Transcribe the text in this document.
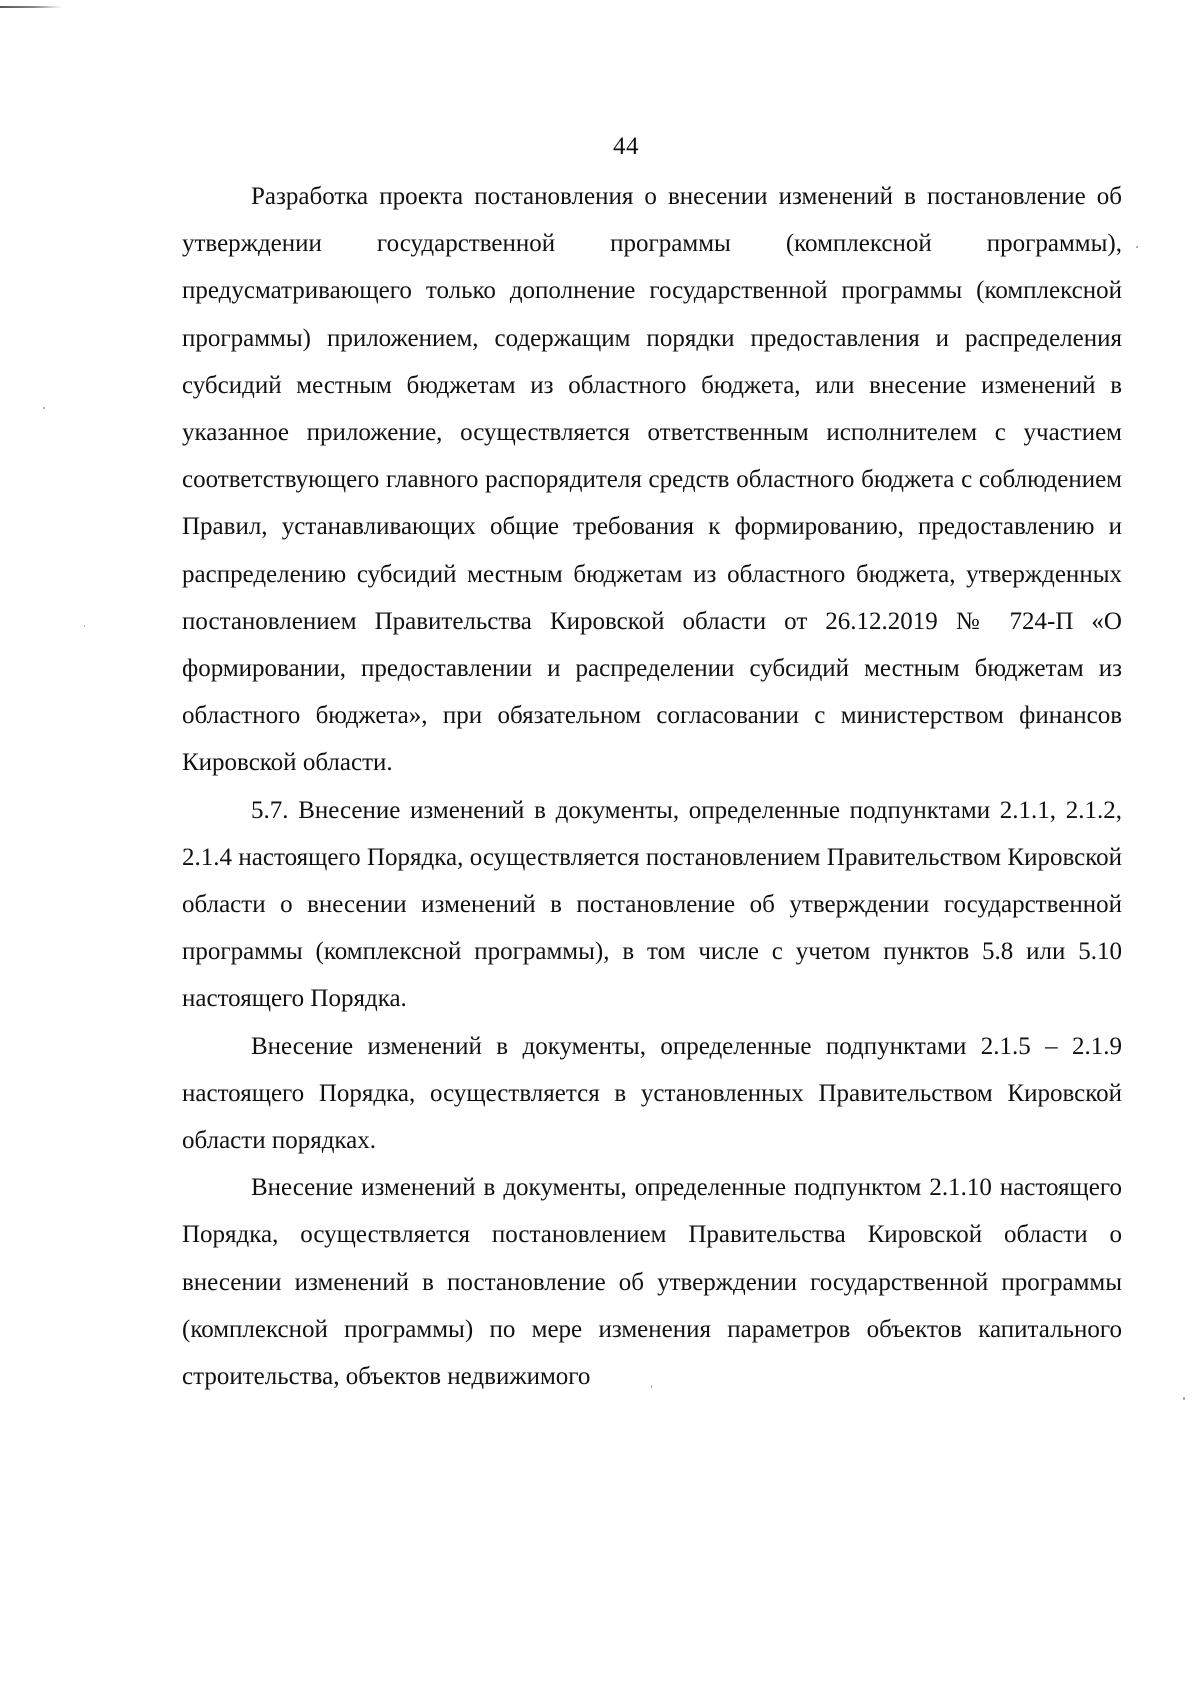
44

Разработка проекта постановления о внесении изменений в постановление об утверждении государственной программы (комплексной программы), предусматривающего только дополнение государственной программы (комплексной программы) приложением, содержащим порядки предоставления и распределения субсидий местным бюджетам из областного бюджета, или внесение изменений в указанное приложение, осуществляется ответственным исполнителем с участием соответствующего главного распорядителя средств областного бюджета с соблюдением Правил, устанавливающих общие требования к формированию, предоставлению и распределению субсидий местным бюджетам из областного бюджета, утвержденных постановлением Правительства Кировской области от 26.12.2019 № 724-П «О формировании, предоставлении и распределении субсидий местным бюджетам из областного бюджета», при обязательном согласовании с министерством финансов Кировской области.

5.7. Внесение изменений в документы, определенные подпунктами 2.1.1, 2.1.2, 2.1.4 настоящего Порядка, осуществляется постановлением Правительством Кировской области о внесении изменений в постановление об утверждении государственной программы (комплексной программы), в том числе с учетом пунктов 5.8 или 5.10 настоящего Порядка.

Внесение изменений в документы, определенные подпунктами 2.1.5 – 2.1.9 настоящего Порядка, осуществляется в установленных Правительством Кировской области порядках.

Внесение изменений в документы, определенные подпунктом 2.1.10 настоящего Порядка, осуществляется постановлением Правительства Кировской области о внесении изменений в постановление об утверждении государственной программы (комплексной программы) по мере изменения параметров объектов капитального строительства, объектов недвижимого
